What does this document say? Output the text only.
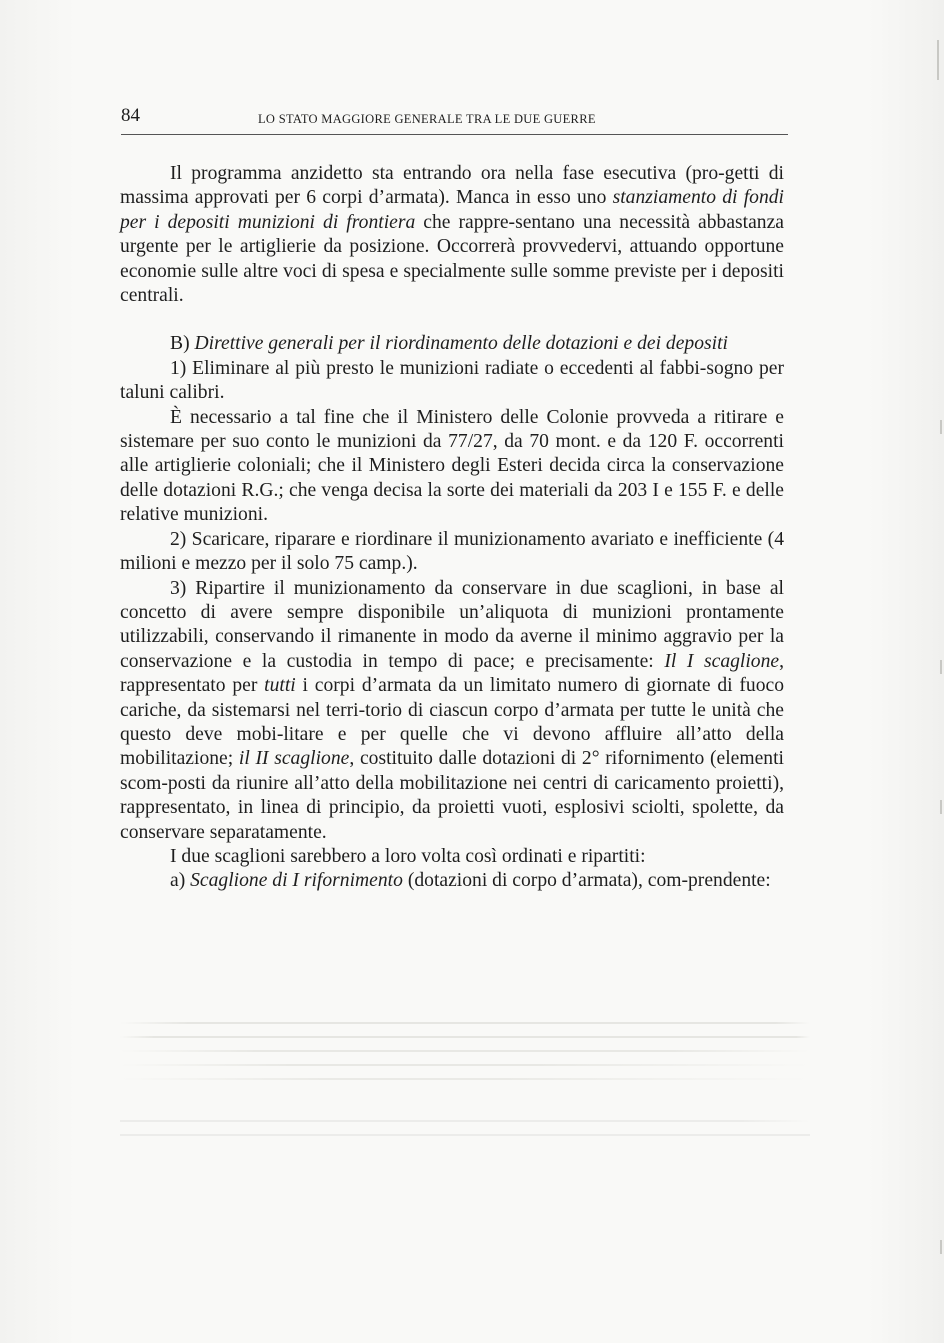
84	LO STATO MAGGIORE GENERALE TRA LE DUE GUERRE

Il programma anzidetto sta entrando ora nella fase esecutiva (pro-getti di massima approvati per 6 corpi d’armata). Manca in esso uno stanziamento di fondi per i depositi munizioni di frontiera che rappre-sentano una necessità abbastanza urgente per le artiglierie da posizione. Occorrerà provvedervi, attuando opportune economie sulle altre voci di spesa e specialmente sulle somme previste per i depositi centrali.

B) Direttive generali per il riordinamento delle dotazioni e dei depositi

1) Eliminare al più presto le munizioni radiate o eccedenti al fabbi-sogno per taluni calibri.

È necessario a tal fine che il Ministero delle Colonie provveda a ritirare e sistemare per suo conto le munizioni da 77/27, da 70 mont. e da 120 F. occorrenti alle artiglierie coloniali; che il Ministero degli Esteri decida circa la conservazione delle dotazioni R.G.; che venga decisa la sorte dei materiali da 203 I e 155 F. e delle relative munizioni.

2) Scaricare, riparare e riordinare il munizionamento avariato e inefficiente (4 milioni e mezzo per il solo 75 camp.).

3) Ripartire il munizionamento da conservare in due scaglioni, in base al concetto di avere sempre disponibile un’aliquota di munizioni prontamente utilizzabili, conservando il rimanente in modo da averne il minimo aggravio per la conservazione e la custodia in tempo di pace; e precisamente: Il I scaglione, rappresentato per tutti i corpi d’armata da un limitato numero di giornate di fuoco cariche, da sistemarsi nel terri-torio di ciascun corpo d’armata per tutte le unità che questo deve mobi-litare e per quelle che vi devono affluire all’atto della mobilitazione; il II scaglione, costituito dalle dotazioni di 2° rifornimento (elementi scom-posti da riunire all’atto della mobilitazione nei centri di caricamento proietti), rappresentato, in linea di principio, da proietti vuoti, esplosivi sciolti, spolette, da conservare separatamente.

I due scaglioni sarebbero a loro volta così ordinati e ripartiti:

a) Scaglione di I rifornimento (dotazioni di corpo d’armata), com-prendente:
